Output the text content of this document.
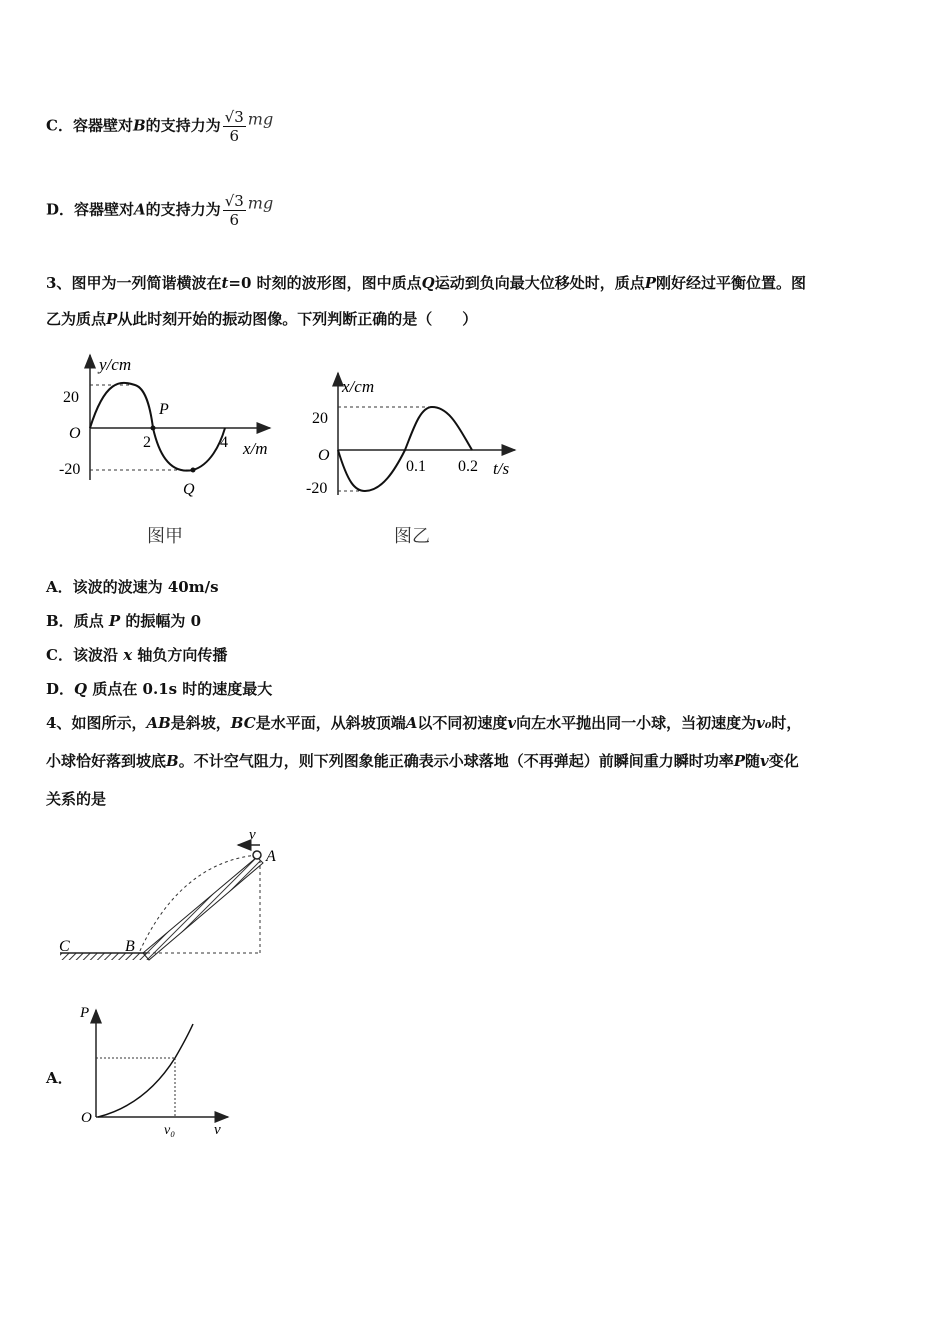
C．容器壁对B的支持力为 $\frac{√3}{6}$ mg
D．容器壁对A的支持力为 $\frac{√3}{6}$ mg
3、图甲为一列简谐横波在t=0 时刻的波形图，图中质点Q运动到负向最大位移处时，质点P刚好经过平衡位置。图
乙为质点P从此时刻开始的振动图像。下列判断正确的是（　　）
y/cm
20
O
-20
2	4
P
Q
x/m
图甲
x/cm
20
O
-20
0.1 0.2 t/s
图乙
A．该波的波速为 40m/s
B．质点 P 的振幅为 0
C．该波沿 x 轴负方向传播
D．Q 质点在 0.1s 时的速度最大
4、如图所示，AB是斜坡，BC是水平面，从斜坡顶端A以不同初速度v向左水平抛出同一小球，当初速度为v₀时，
小球恰好落到坡底B。不计空气阻力，则下列图象能正确表示小球落地（不再弹起）前瞬间重力瞬时功率P随v变化
关系的是
v
A
B
C
A．
P
O
v₀	v
